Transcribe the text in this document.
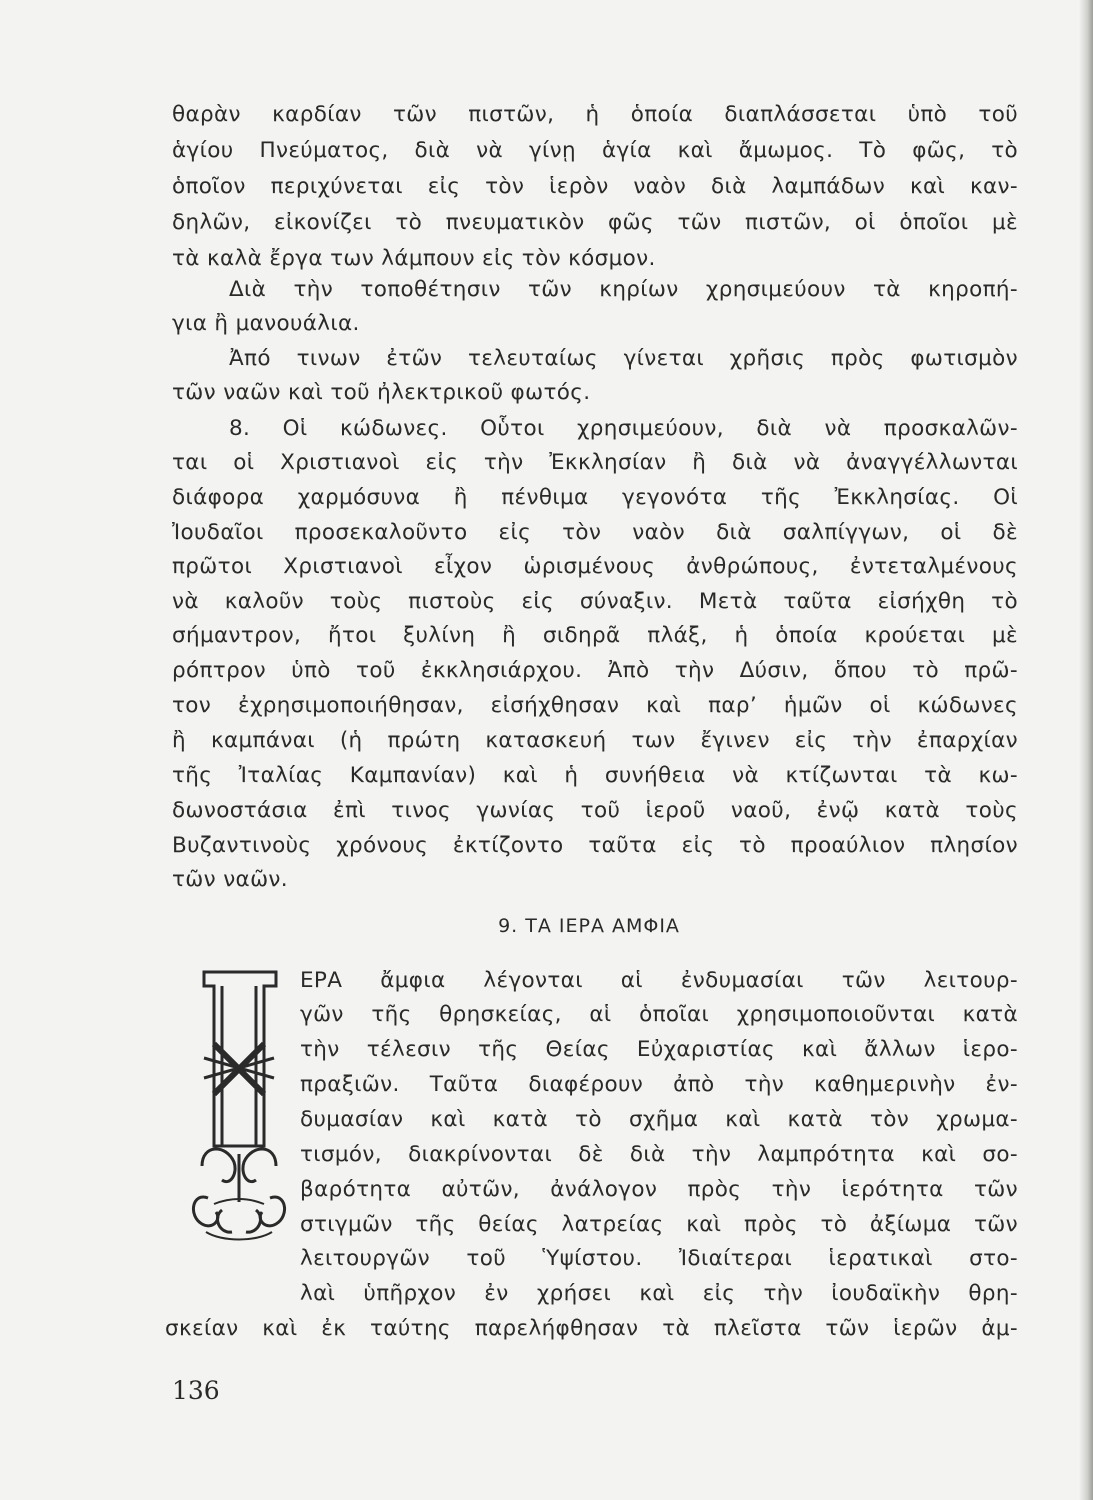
θαρὰν καρδίαν τῶν πιστῶν, ἡ ὁποία διαπλάσσεται ὑπὸ τοῦ
ἁγίου Πνεύματος, διὰ νὰ γίνῃ ἁγία καὶ ἄμωμος. Τὸ φῶς, τὸ
ὁποῖον περιχύνεται εἰς τὸν ἱερὸν ναὸν διὰ λαμπάδων καὶ καν-
δηλῶν, εἰκονίζει τὸ πνευματικὸν φῶς τῶν πιστῶν, οἱ ὁποῖοι μὲ
τὰ καλὰ ἔργα των λάμπουν εἰς τὸν κόσμον.
Διὰ τὴν τοποθέτησιν τῶν κηρίων χρησιμεύουν τὰ κηροπή-
για ἢ μανουάλια.
Ἀπό τινων ἐτῶν τελευταίως γίνεται χρῆσις πρὸς φωτισμὸν
τῶν ναῶν καὶ τοῦ ἠλεκτρικοῦ φωτός.
8. Οἱ κώδωνες. Οὗτοι χρησιμεύουν, διὰ νὰ προσκαλῶν-
ται οἱ Χριστιανοὶ εἰς τὴν Ἐκκλησίαν ἢ διὰ νὰ ἀναγγέλλωνται
διάφορα χαρμόσυνα ἢ πένθιμα γεγονότα τῆς Ἐκκλησίας. Οἱ
Ἰουδαῖοι προσεκαλοῦντο εἰς τὸν ναὸν διὰ σαλπίγγων, οἱ δὲ
πρῶτοι Χριστιανοὶ εἶχον ὡρισμένους ἀνθρώπους, ἐντεταλμένους
νὰ καλοῦν τοὺς πιστοὺς εἰς σύναξιν. Μετὰ ταῦτα εἰσήχθη τὸ
σήμαντρον, ἤτοι ξυλίνη ἢ σιδηρᾶ πλάξ, ἡ ὁποία κρούεται μὲ
ρόπτρον ὑπὸ τοῦ ἐκκλησιάρχου. Ἀπὸ τὴν Δύσιν, ὅπου τὸ πρῶ-
τον ἐχρησιμοποιήθησαν, εἰσήχθησαν καὶ παρ’ ἡμῶν οἱ κώδωνες
ἢ καμπάναι (ἡ πρώτη κατασκευή των ἔγινεν εἰς τὴν ἐπαρχίαν
τῆς Ἰταλίας Καμπανίαν) καὶ ἡ συνήθεια νὰ κτίζωνται τὰ κω-
δωνοστάσια ἐπὶ τινος γωνίας τοῦ ἱεροῦ ναοῦ, ἐνῷ κατὰ τοὺς
Βυζαντινοὺς χρόνους ἐκτίζοντο ταῦτα εἰς τὸ προαύλιον πλησίον
τῶν ναῶν.
9. ΤΑ ΙΕΡΑ ΑΜΦΙΑ
ΕΡΑ ἄμφια λέγονται αἱ ἐνδυμασίαι τῶν λειτουρ-
γῶν τῆς θρησκείας, αἱ ὁποῖαι χρησιμοποιοῦνται κατὰ
τὴν τέλεσιν τῆς Θείας Εὐχαριστίας καὶ ἄλλων ἱερο-
πραξιῶν. Ταῦτα διαφέρουν ἀπὸ τὴν καθημερινὴν ἐν-
δυμασίαν καὶ κατὰ τὸ σχῆμα καὶ κατὰ τὸν χρωμα-
τισμόν, διακρίνονται δὲ διὰ τὴν λαμπρότητα καὶ σο-
βαρότητα αὐτῶν, ἀνάλογον πρὸς τὴν ἱερότητα τῶν
στιγμῶν τῆς θείας λατρείας καὶ πρὸς τὸ ἀξίωμα τῶν
λειτουργῶν τοῦ Ὑψίστου. Ἰδιαίτεραι ἱερατικαὶ στο-
λαὶ ὑπῆρχον ἐν χρήσει καὶ εἰς τὴν ἰουδαϊκὴν θρη-
σκείαν καὶ ἐκ ταύτης παρελήφθησαν τὰ πλεῖστα τῶν ἱερῶν ἀμ-
136
